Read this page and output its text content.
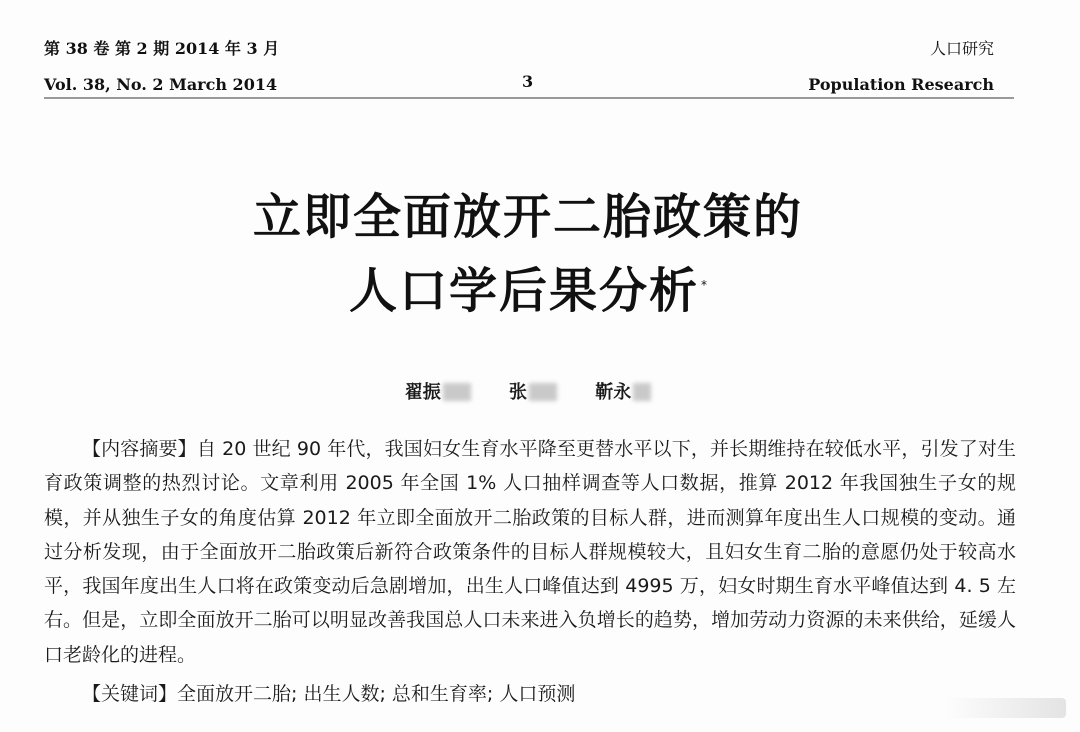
第 38 卷 第 2 期 2014 年 3 月
Vol. 38, No. 2 March 2014	3
人口研究
Population Research
立即全面放开二胎政策的
人口学后果分析 *
翟振	张	靳永

【内容摘要】自 20 世纪 90 年代，我国妇女生育水平降至更替水平以下，并长期维持在较低水平，引发了对生育政策调整的热烈讨论。文章利用 2005 年全国 1% 人口抽样调查等人口数据，推算 2012 年我国独生子女的规模，并从独生子女的角度估算 2012 年立即全面放开二胎政策的目标人群，进而测算年度出生人口规模的变动。通过分析发现，由于全面放开二胎政策后新符合政策条件的目标人群规模较大，且妇女生育二胎的意愿仍处于较高水平，我国年度出生人口将在政策变动后急剧增加，出生人口峰值达到 4995 万，妇女时期生育水平峰值达到 4. 5 左右。但是，立即全面放开二胎可以明显改善我国总人口未来进入负增长的趋势，增加劳动力资源的未来供给，延缓人口老龄化的进程。

【关键词】全面放开二胎; 出生人数; 总和生育率; 人口预测
